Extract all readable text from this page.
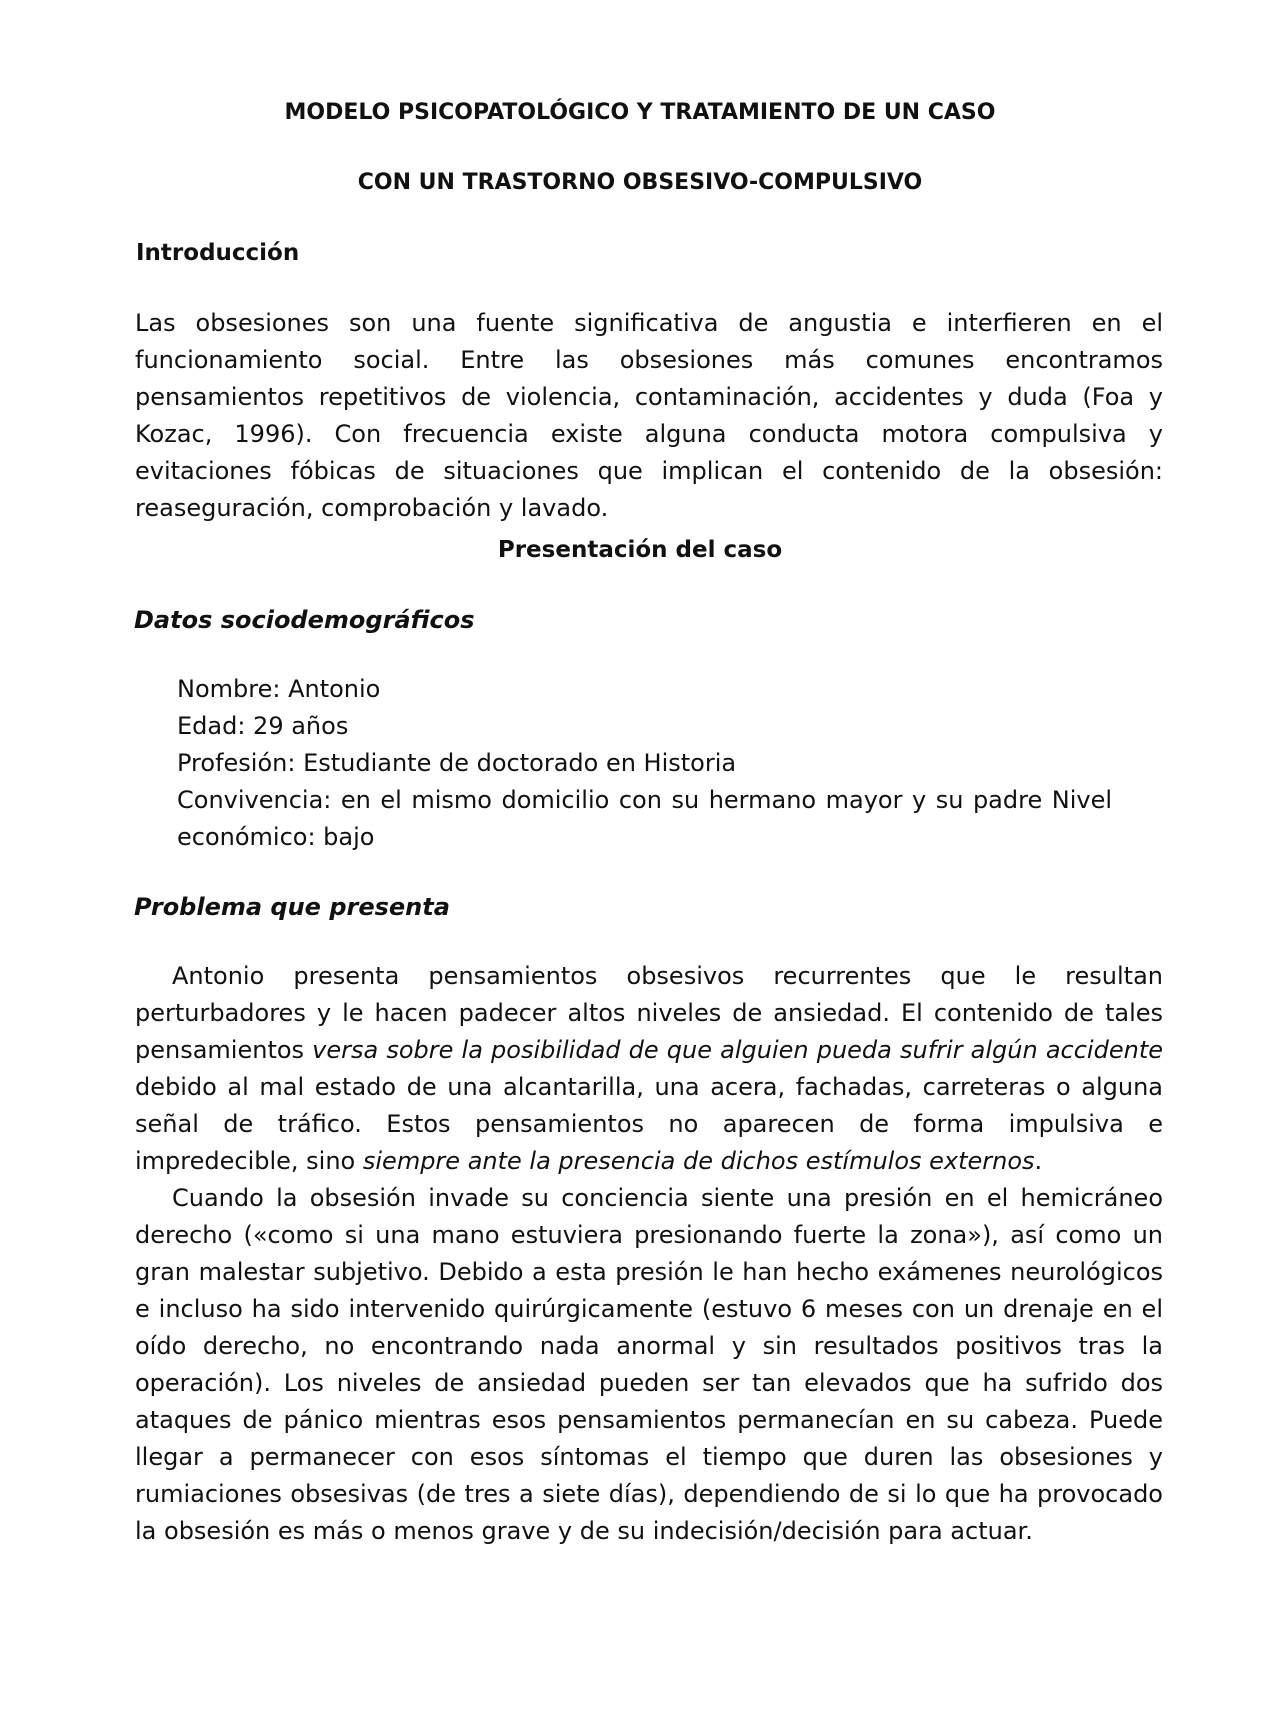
MODELO PSICOPATOLÓGICO Y TRATAMIENTO DE UN CASO
CON UN TRASTORNO OBSESIVO-COMPULSIVO
Introducción

Las obsesiones son una fuente significativa de angustia e interfieren en el funcionamiento social. Entre las obsesiones más comunes encontramos pensamientos repetitivos de violencia, contaminación, accidentes y duda (Foa y Kozac, 1996). Con frecuencia existe alguna conducta motora compulsiva y evitaciones fóbicas de situaciones que implican el contenido de la obsesión: reaseguración, comprobación y lavado.

Presentación del caso
Datos sociodemográficos
Nombre: Antonio
Edad: 29 años
Profesión: Estudiante de doctorado en Historia
Convivencia: en el mismo domicilio con su hermano mayor y su padre Nivel económico: bajo
Problema que presenta

Antonio presenta pensamientos obsesivos recurrentes que le resultan perturbadores y le hacen padecer altos niveles de ansiedad. El contenido de tales pensamientos versa sobre la posibilidad de que alguien pueda sufrir algún accidente debido al mal estado de una alcantarilla, una acera, fachadas, carreteras o alguna señal de tráfico. Estos pensamientos no aparecen de forma impulsiva e impredecible, sino siempre ante la presencia de dichos estímulos externos.

Cuando la obsesión invade su conciencia siente una presión en el hemicráneo derecho («como si una mano estuviera presionando fuerte la zona»), así como un gran malestar subjetivo. Debido a esta presión le han hecho exámenes neurológicos e incluso ha sido intervenido quirúrgicamente (estuvo 6 meses con un drenaje en el oído derecho, no encontrando nada anormal y sin resultados positivos tras la operación). Los niveles de ansiedad pueden ser tan elevados que ha sufrido dos ataques de pánico mientras esos pensamientos permanecían en su cabeza. Puede llegar a permanecer con esos síntomas el tiempo que duren las obsesiones y rumiaciones obsesivas (de tres a siete días), dependiendo de si lo que ha provocado la obsesión es más o menos grave y de su indecisión/decisión para actuar.
